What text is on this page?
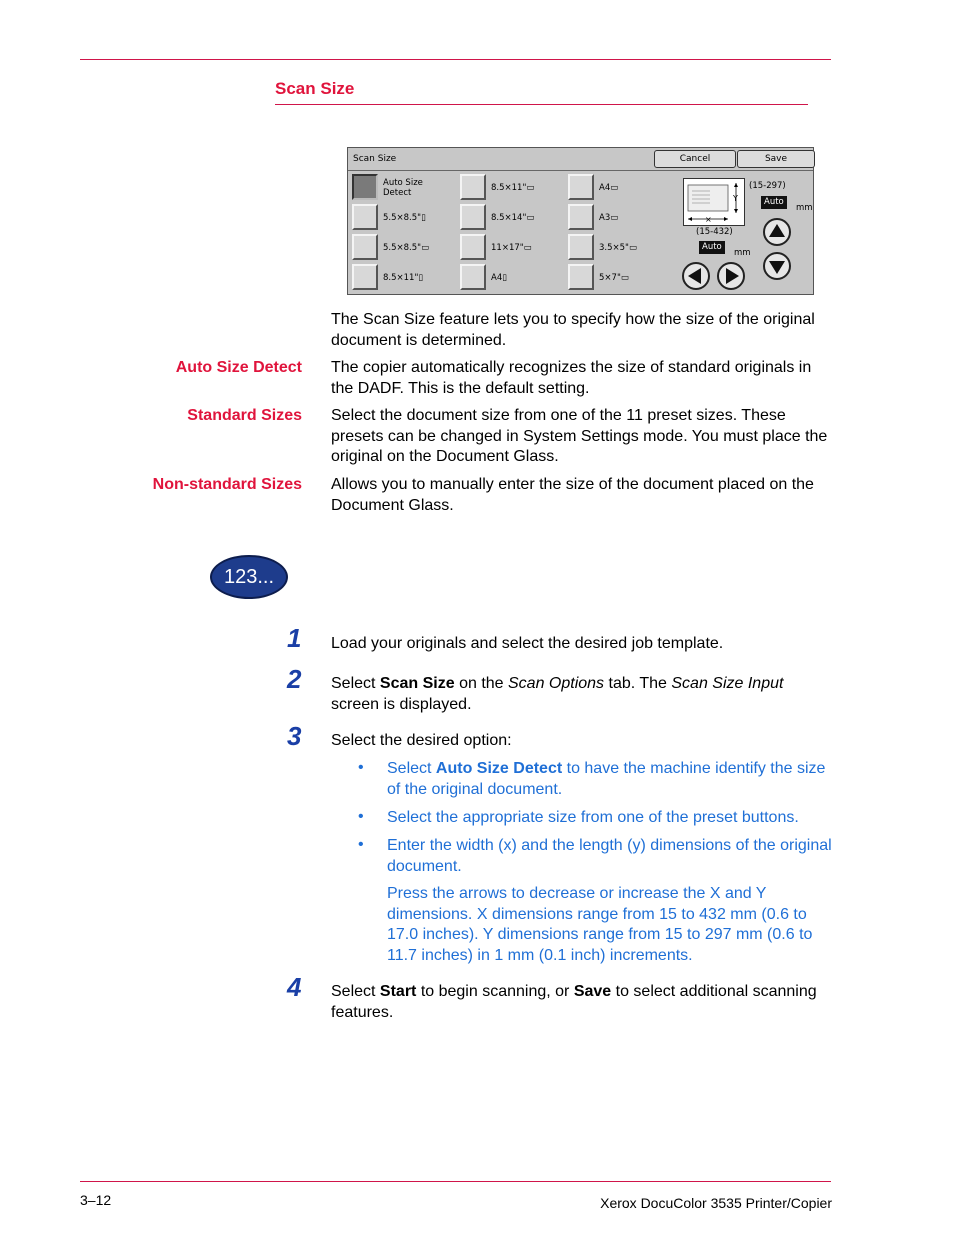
Scan Size
Scan Size	Cancel	Save
Auto Size
Detect
5.5×8.5"▯
5.5×8.5"▭
8.5×11"▯
8.5×11"▭
8.5×14"▭
11×17"▭
A4▯
A4▭
A3▭
3.5×5"▭
5×7"▭
×
Y
(15-297)
Auto
mm
(15-432)
Auto
mm
The Scan Size feature lets you to specify how the size of the original document is determined.
Auto Size Detect The copier automatically recognizes the size of standard originals in the DADF. This is the default setting.
Standard Sizes Select the document size from one of the 11 preset sizes. These presets can be changed in System Settings mode. You must place the original on the Document Glass.
Non-standard Sizes Allows you to manually enter the size of the document placed on the Document Glass.
123...
1 Load your originals and select the desired job template.
2 Select Scan Size on the Scan Options tab. The Scan Size Input screen is displayed.
3 Select the desired option:
• Select Auto Size Detect to have the machine identify the size of the original document.
• Select the appropriate size from one of the preset buttons.
• Enter the width (x) and the length (y) dimensions of the original document.
Press the arrows to decrease or increase the X and Y dimensions. X dimensions range from 15 to 432 mm (0.6 to 17.0 inches). Y dimensions range from 15 to 297 mm (0.6 to 11.7 inches) in 1 mm (0.1 inch) increments.
4 Select Start to begin scanning, or Save to select additional scanning features.
3–12	Xerox DocuColor 3535 Printer/Copier
